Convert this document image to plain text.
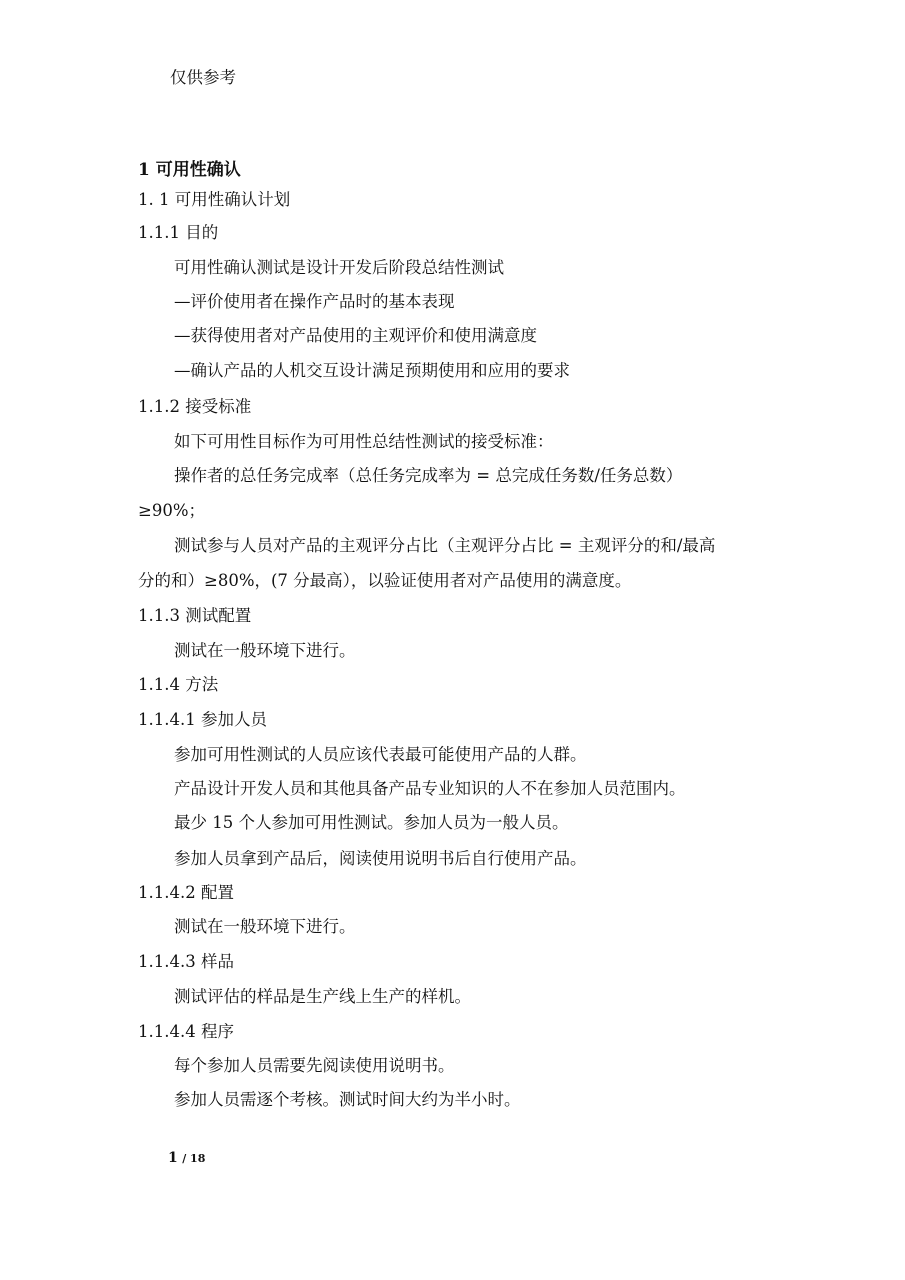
仅供参考
1 可用性确认
1. 1 可用性确认计划
1.1.1 目的
可用性确认测试是设计开发后阶段总结性测试
—评价使用者在操作产品时的基本表现
—获得使用者对产品使用的主观评价和使用满意度
—确认产品的人机交互设计满足预期使用和应用的要求
1.1.2 接受标准
如下可用性目标作为可用性总结性测试的接受标准：
操作者的总任务完成率（总任务完成率为 = 总完成任务数/任务总数）
≥90%；
测试参与人员对产品的主观评分占比（主观评分占比 = 主观评分的和/最高
分的和）≥80%，(7 分最高），以验证使用者对产品使用的满意度。
1.1.3 测试配置
测试在一般环境下进行。
1.1.4 方法
1.1.4.1 参加人员
参加可用性测试的人员应该代表最可能使用产品的人群。
产品设计开发人员和其他具备产品专业知识的人不在参加人员范围内。
最少 15 个人参加可用性测试。参加人员为一般人员。
参加人员拿到产品后，阅读使用说明书后自行使用产品。
1.1.4.2 配置
测试在一般环境下进行。
1.1.4.3 样品
测试评估的样品是生产线上生产的样机。
1.1.4.4 程序
每个参加人员需要先阅读使用说明书。
参加人员需逐个考核。测试时间大约为半小时。
1 / 18
